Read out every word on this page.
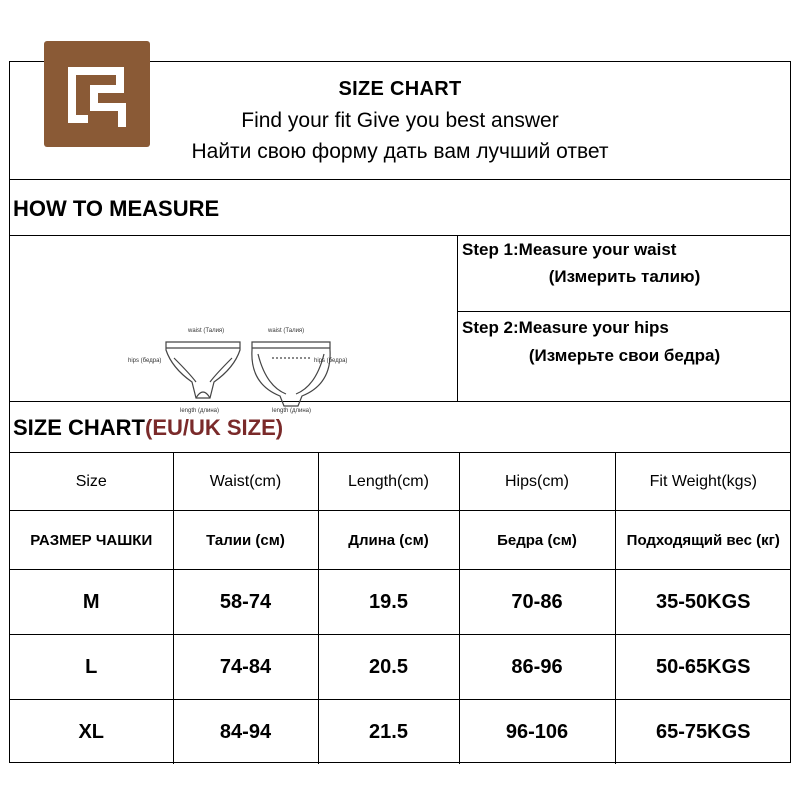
SIZE CHART
Find your fit Give you best answer
Найти свою форму дать вам лучший ответ
HOW TO MEASURE
waist (Талия)
hips (бедра)
length (длина)
waist (Талия)
hips (бедра)
length (длина)
Step 1:Measure your waist
(Измерить талию)
Step 2:Measure your hips
(Измерьте свои бедра)
SIZE CHART(EU/UK SIZE)
Size	Waist(cm)	Length(cm)	Hips(cm)	Fit Weight(kgs)
РАЗМЕР ЧАШКИ	Талии (см)	Длина (см)	Бедра (см)	Подходящий вес (кг)
M	58-74	19.5	70-86	35-50KGS
L	74-84	20.5	86-96	50-65KGS
XL	84-94	21.5	96-106	65-75KGS
